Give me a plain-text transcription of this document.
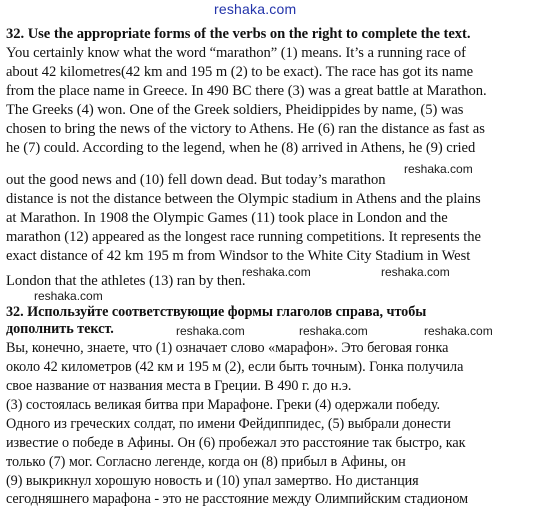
reshaka.com
32. Use the appropriate forms of the verbs on the right to complete the text.
You certainly know what the word “marathon” (1) means. It’s a running race of
about 42 kilometres(42 km and 195 m (2) to be exact). The race has got its name
from the place name in Greece. In 490 BC there (3) was a great battle at Marathon.
The Greeks (4) won. One of the Greek soldiers, Pheidippides by name, (5) was
chosen to bring the news of the victory to Athens. He (6) ran the distance as fast as
he (7) could. According to the legend, when he (8) arrived in Athens, he (9) cried
reshaka.com
out the good news and (10) fell down dead. But today’s marathon
distance is not the distance between the Olympic stadium in Athens and the plains
at Marathon. In 1908 the Olympic Games (11) took place in London and the
marathon (12) appeared as the longest race running competitions. It represents the
exact distance of 42 km 195 m from Windsor to the White City Stadium in West
reshaka.com	reshaka.com
London that the athletes (13) ran by then.
reshaka.com
32. Используйте соответствующие формы глаголов справа, чтобы
reshaka.com	reshaka.com	reshaka.com
дополнить текст.
Вы, конечно, знаете, что (1) означает слово «марафон». Это беговая гонка
около 42 километров (42 км и 195 м (2), если быть точным). Гонка получила
свое название от названия места в Греции. В 490 г. до н.э.
(3) состоялась великая битва при Марафоне. Греки (4) одержали победу.
Одного из греческих солдат, по имени Фейдиппидес, (5) выбрали донести
известие о победе в Афины. Он (6) пробежал это расстояние так быстро, как
только (7) мог. Согласно легенде, когда он (8) прибыл в Афины, он
(9) выкрикнул хорошую новость и (10) упал замертво. Но дистанция
сегодняшнего марафона - это не расстояние между Олимпийским стадионом
